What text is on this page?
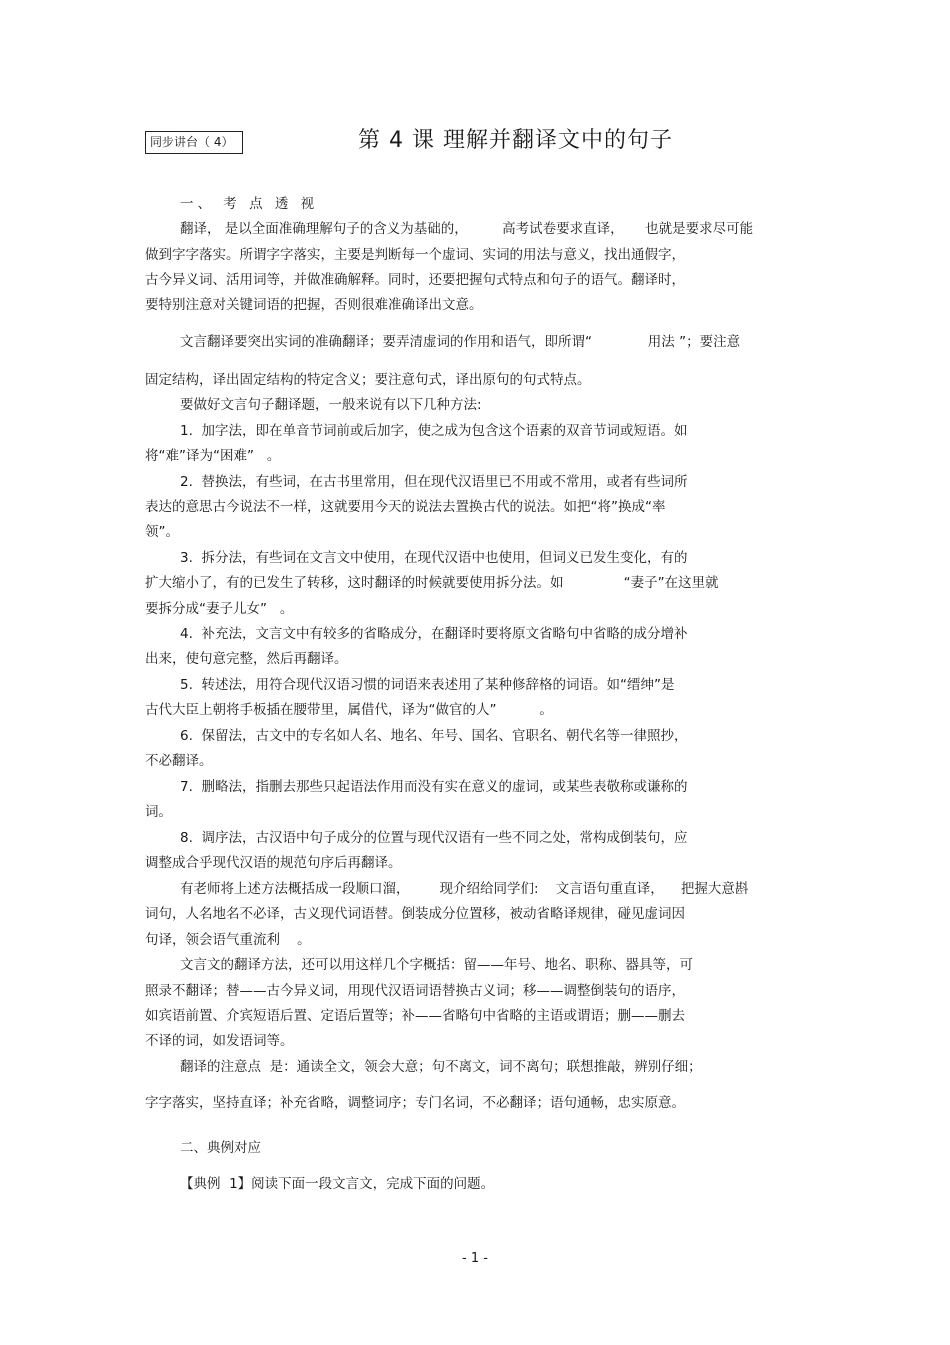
同步讲台（ 4）	第 4 课 理解并翻译文中的句子
一、 考 点 透 视
翻译， 是以全面准确理解句子的含义为基础的，        高考试卷要求直译，     也就是要求尽可能
做到字字落实。所谓字字落实，主要是判断每一个虚词、实词的用法与意义，找出通假字，
古今异义词、活用词等，并做准确解释。同时，还要把握句式特点和句子的语气。翻译时，
要特别注意对关键词语的把握，否则很难准确译出文意。
文言翻译要突出实词的准确翻译；要弄清虚词的作用和语气，即所谓“             用法 ”；要注意
固定结构，译出固定结构的特定含义；要注意句式，译出原句的句式特点。
要做好文言句子翻译题，一般来说有以下几种方法:
1.  加字法，即在单音节词前或后加字，使之成为包含这个语素的双音节词或短语。如
将“难”译为“困难”   。
2.  替换法，有些词，在古书里常用，但在现代汉语里已不用或不常用，或者有些词所
表达的意思古今说法不一样，这就要用今天的说法去置换古代的说法。如把“将”换成“率
领”。
3.  拆分法，有些词在文言文中使用，在现代汉语中也使用，但词义已发生变化，有的
扩大缩小了，有的已发生了转移，这时翻译的时候就要使用拆分法。如              “妻子”在这里就
要拆分成“妻子儿女”   。
4.  补充法，文言文中有较多的省略成分，在翻译时要将原文省略句中省略的成分增补
出来，使句意完整，然后再翻译。
5.  转述法，用符合现代汉语习惯的词语来表述用了某种修辞格的词语。如“缙绅”是
古代大臣上朝将手板插在腰带里，属借代，译为“做官的人”          。
6.  保留法，古文中的专名如人名、地名、年号、国名、官职名、朝代名等一律照抄，
不必翻译。
7.  删略法，指删去那些只起语法作用而没有实在意义的虚词，或某些表敬称或谦称的
词。
8.  调序法，古汉语中句子成分的位置与现代汉语有一些不同之处，常构成倒装句，应
调整成合乎现代汉语的规范句序后再翻译。
有老师将上述方法概括成一段顺口溜，       现介绍给同学们:    文言语句重直译，    把握大意斟
词句，人名地名不必译，古义现代词语替。倒装成分位置移，被动省略译规律，碰见虚词因
句译，领会语气重流利    。
文言文的翻译方法，还可以用这样几个字概括：留——年号、地名、职称、器具等，可
照录不翻译；替——古今异义词，用现代汉语词语替换古义词；移——调整倒装句的语序，
如宾语前置、介宾短语后置、定语后置等；补——省略句中省略的主语或谓语；删——删去
不译的词，如发语词等。
翻译的注意点  是：通读全文，领会大意；句不离文，词不离句；联想推敲，辨别仔细；
字字落实，坚持直译；补充省略，调整词序；专门名词，不必翻译；语句通畅，忠实原意。
二、典例对应
【典例  1】阅读下面一段文言文，完成下面的问题。
- 1 -
